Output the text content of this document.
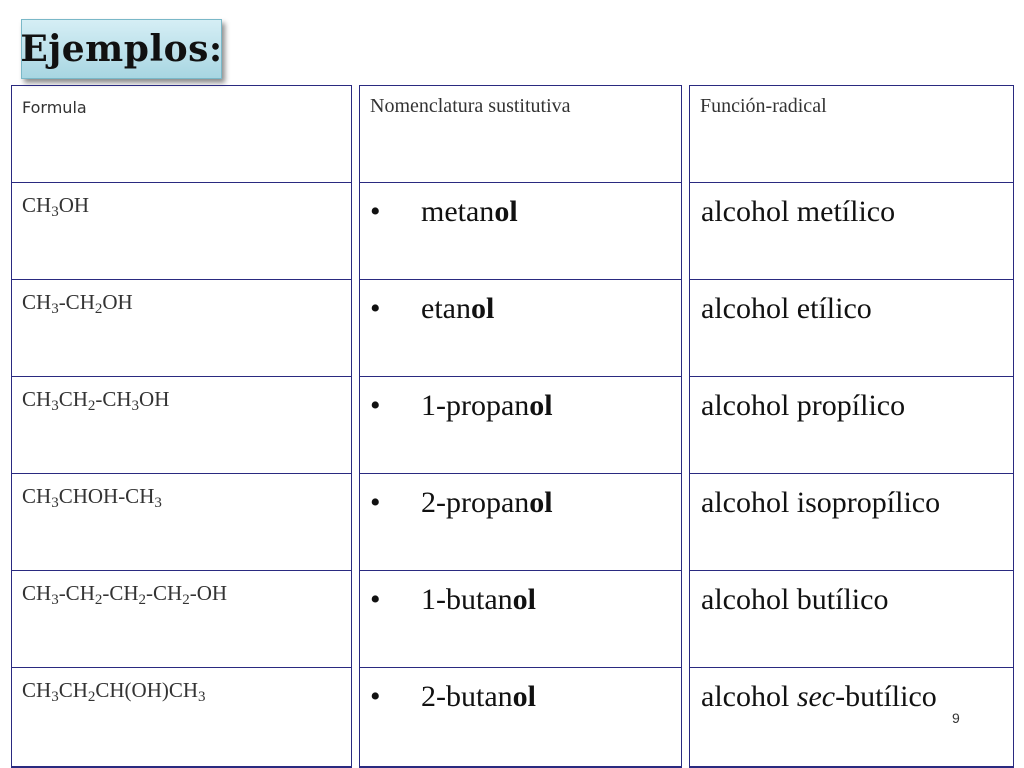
Ejemplos:
Formula
$CH_3OH$
$CH_3-CH_2OH$
$CH_3CH_2-CH_3OH$
$CH_3CHOH-CH_3$
$CH_3-CH_2-CH_2-CH_2-OH$
$CH_3CH_2CH(OH)CH_3$
Nomenclatura sustitutiva
• metanol
• etanol
• 1-propanol
• 2-propanol
• 1-butanol
• 2-butanol
Función-radical
alcohol metílico
alcohol etílico
alcohol propílico
alcohol isopropílico
alcohol butílico
alcohol sec-butílico
9
